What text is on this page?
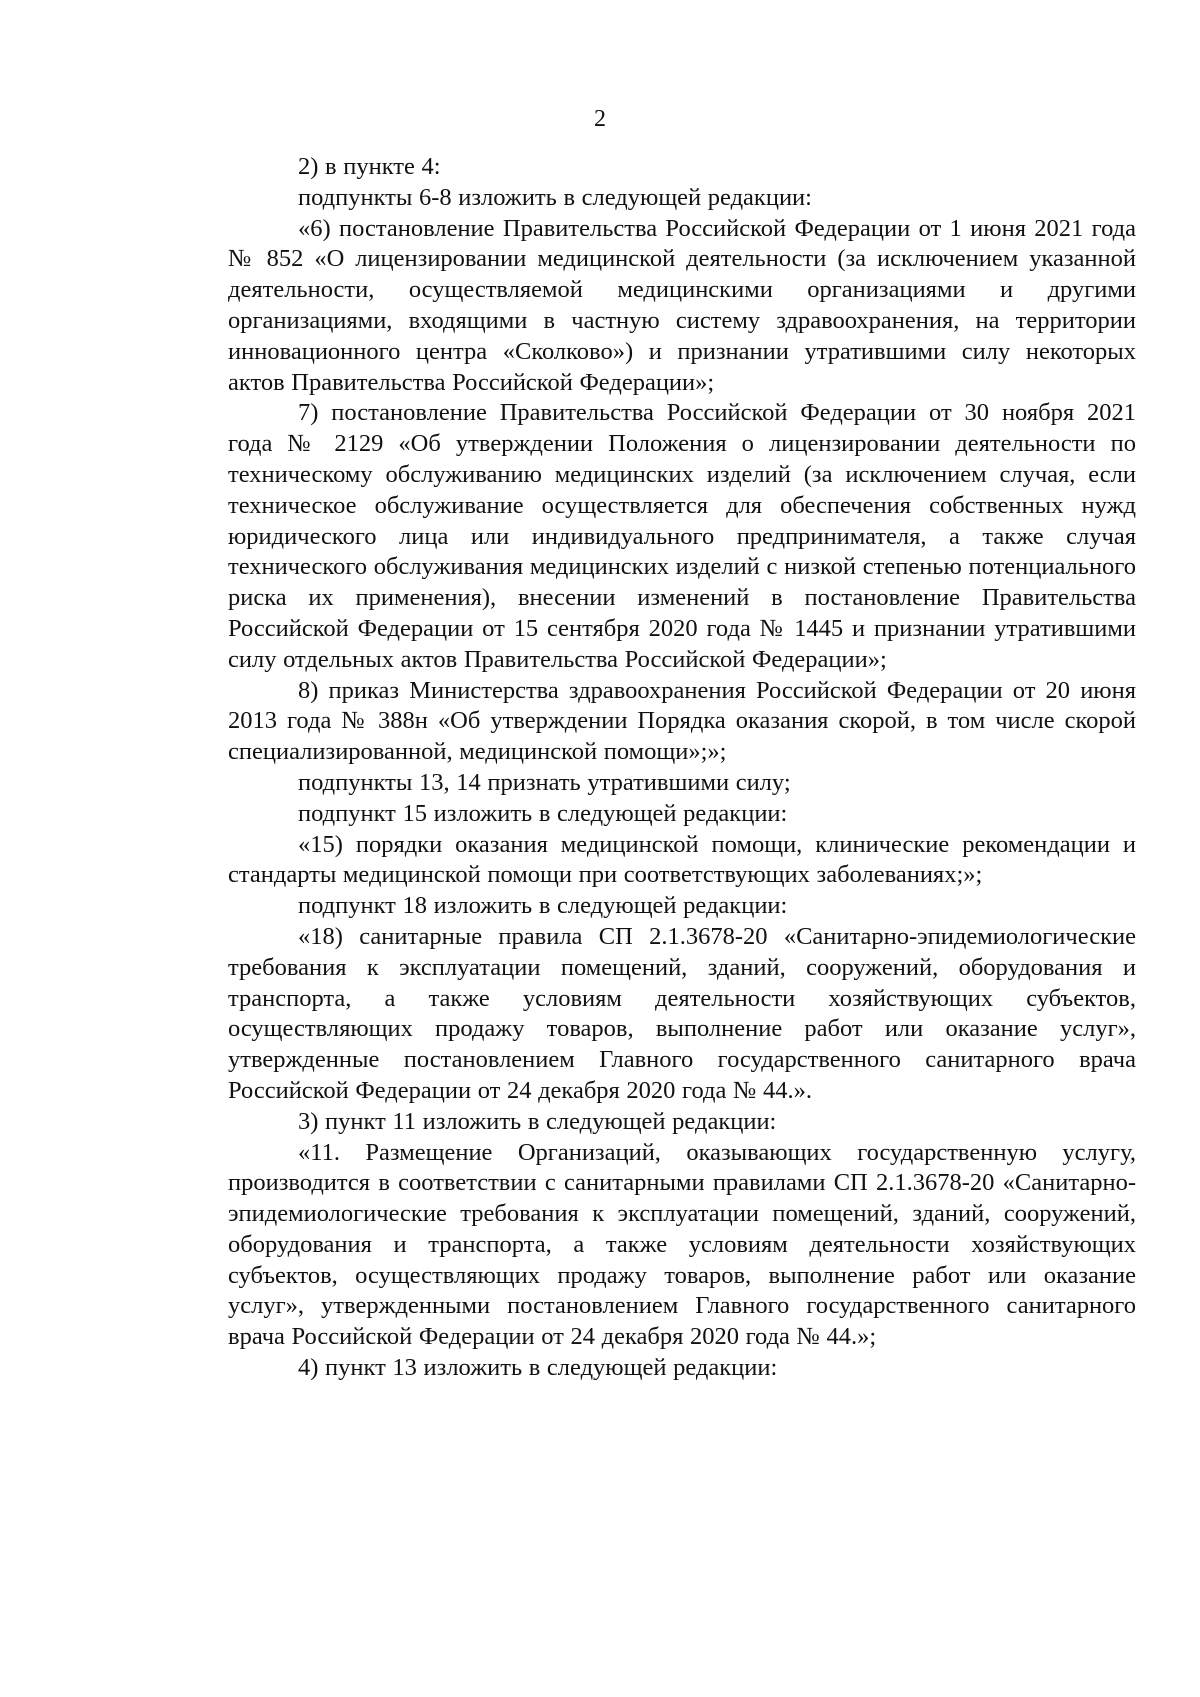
2

2) в пункте 4:

подпункты 6-8 изложить в следующей редакции:

«6) постановление Правительства Российской Федерации от 1 июня 2021 года № 852 «О лицензировании медицинской деятельности (за исключением указанной деятельности, осуществляемой медицинскими организациями и другими организациями, входящими в частную систему здравоохранения, на территории инновационного центра «Сколково») и признании утратившими силу некоторых актов Правительства Российской Федерации»;

7) постановление Правительства Российской Федерации от 30 ноября 2021 года № 2129 «Об утверждении Положения о лицензировании деятельности по техническому обслуживанию медицинских изделий (за исключением случая, если техническое обслуживание осуществляется для обеспечения собственных нужд юридического лица или индивидуального предпринимателя, а также случая технического обслуживания медицинских изделий с низкой степенью потенциального риска их применения), внесении изменений в постановление Правительства Российской Федерации от 15 сентября 2020 года № 1445 и признании утратившими силу отдельных актов Правительства Российской Федерации»;

8) приказ Министерства здравоохранения Российской Федерации от 20 июня 2013 года № 388н «Об утверждении Порядка оказания скорой, в том числе скорой специализированной, медицинской помощи»;»;

подпункты 13, 14 признать утратившими силу;

подпункт 15 изложить в следующей редакции:

«15) порядки оказания медицинской помощи, клинические рекомендации и стандарты медицинской помощи при соответствующих заболеваниях;»;

подпункт 18 изложить в следующей редакции:

«18) санитарные правила СП 2.1.3678-20 «Санитарно-эпидемиологические требования к эксплуатации помещений, зданий, сооружений, оборудования и транспорта, а также условиям деятельности хозяйствующих субъектов, осуществляющих продажу товаров, выполнение работ или оказание услуг», утвержденные постановлением Главного государственного санитарного врача Российской Федерации от 24 декабря 2020 года № 44.».

3) пункт 11 изложить в следующей редакции:

«11. Размещение Организаций, оказывающих государственную услугу, производится в соответствии с санитарными правилами СП 2.1.3678-20 «Санитарно-эпидемиологические требования к эксплуатации помещений, зданий, сооружений, оборудования и транспорта, а также условиям деятельности хозяйствующих субъектов, осуществляющих продажу товаров, выполнение работ или оказание услуг», утвержденными постановлением Главного государственного санитарного врача Российской Федерации от 24 декабря 2020 года № 44.»;

4) пункт 13 изложить в следующей редакции:
